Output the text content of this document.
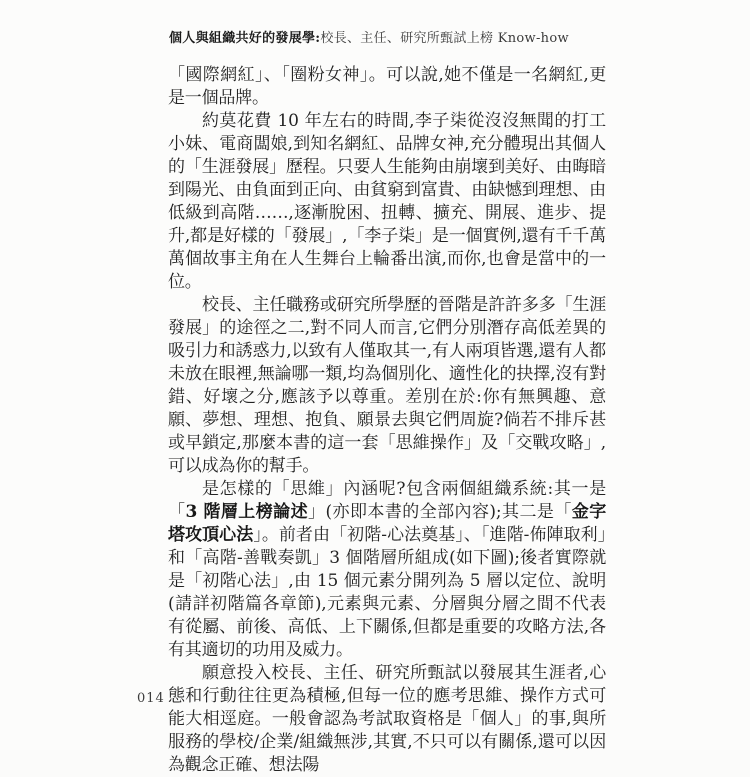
個人與組織共好的發展學:校長、主任、研究所甄試上榜 Know-how

「國際網紅」、「圈粉女神」。可以說,她不僅是一名網紅,更是一個品牌。

約莫花費 10 年左右的時間,李子柒從沒沒無聞的打工小妹、電商闆娘,到知名網紅、品牌女神,充分體現出其個人的「生涯發展」歷程。只要人生能夠由崩壞到美好、由晦暗到陽光、由負面到正向、由貧窮到富貴、由缺憾到理想、由低級到高階……,逐漸脫困、扭轉、擴充、開展、進步、提升,都是好樣的「發展」,「李子柒」是一個實例,還有千千萬萬個故事主角在人生舞台上輪番出演,而你,也會是當中的一位。

校長、主任職務或研究所學歷的晉階是許許多多「生涯發展」的途徑之二,對不同人而言,它們分別潛存高低差異的吸引力和誘惑力,以致有人僅取其一,有人兩項皆選,還有人都未放在眼裡,無論哪一類,均為個別化、適性化的抉擇,沒有對錯、好壞之分,應該予以尊重。差別在於:你有無興趣、意願、夢想、理想、抱負、願景去與它們周旋?倘若不排斥甚或早鎖定,那麼本書的這一套「思維操作」及「交戰攻略」,可以成為你的幫手。

是怎樣的「思維」內涵呢?包含兩個組織系統:其一是「3 階層上榜論述」(亦即本書的全部內容);其二是「金字塔攻頂心法」。前者由「初階-心法奠基」、「進階-佈陣取利」和「高階-善戰奏凱」3 個階層所組成(如下圖);後者實際就是「初階心法」,由 15 個元素分開列為 5 層以定位、說明(請詳初階篇各章節),元素與元素、分層與分層之間不代表有從屬、前後、高低、上下關係,但都是重要的攻略方法,各有其適切的功用及威力。

願意投入校長、主任、研究所甄試以發展其生涯者,心態和行動往往更為積極,但每一位的應考思維、操作方式可能大相逕庭。一般會認為考試取資格是「個人」的事,與所服務的學校/企業/組織無涉,其實,不只可以有關係,還可以因為觀念正確、想法陽

014
